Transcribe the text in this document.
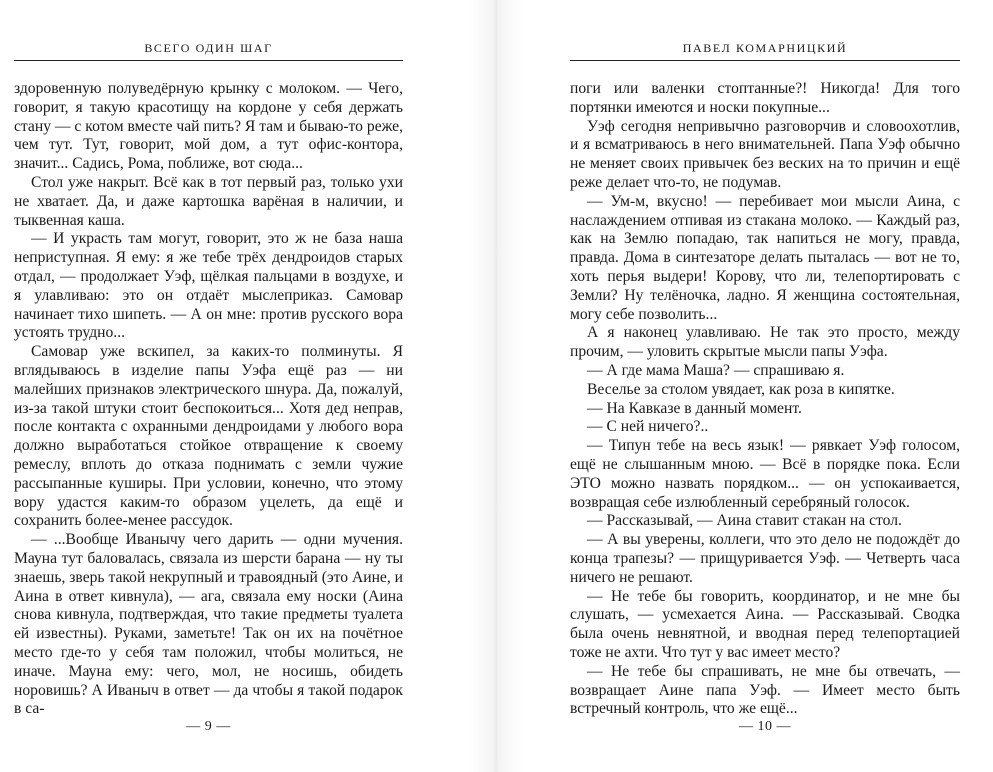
ВСЕГО ОДИН ШАГ

здоровенную полуведёрную крынку с молоком. — Чего, говорит, я такую красотищу на кордоне у себя держать стану — с котом вместе чай пить? Я там и бываю-то реже, чем тут. Тут, говорит, мой дом, а тут офис-контора, значит... Садись, Рома, поближе, вот сюда...

Стол уже накрыт. Всё как в тот первый раз, только ухи не хватает. Да, и даже картошка варёная в наличии, и тыквенная каша.

— И украсть там могут, говорит, это ж не база наша неприступная. Я ему: я же тебе трёх дендроидов старых отдал, — продолжает Уэф, щёлкая пальцами в воздухе, и я улавливаю: это он отдаёт мыслеприказ. Самовар начинает тихо шипеть. — А он мне: против русского вора устоять трудно...

Самовар уже вскипел, за каких-то полминуты. Я вглядываюсь в изделие папы Уэфа ещё раз — ни малейших признаков электрического шнура. Да, пожалуй, из-за такой штуки стоит беспокоиться... Хотя дед неправ, после контакта с охранными дендроидами у любого вора должно выработаться стойкое отвращение к своему ремеслу, вплоть до отказа поднимать с земли чужие рассыпанные куширы. При условии, конечно, что этому вору удастся каким-то образом уцелеть, да ещё и сохранить более-менее рассудок.

— ...Вообще Иванычу чего дарить — одни мучения. Мауна тут баловалась, связала из шерсти барана — ну ты знаешь, зверь такой некрупный и травоядный (это Аине, и Аина в ответ кивнула), — ага, связала ему носки (Аина снова кивнула, подтверждая, что такие предметы туалета ей известны). Руками, заметьте! Так он их на почётное место где-то у себя там положил, чтобы молиться, не иначе. Мауна ему: чего, мол, не носишь, обидеть норовишь? А Иваныч в ответ — да чтобы я такой подарок в са-

— 9 —
ПАВЕЛ КОМАРНИЦКИЙ

поги или валенки стоптанные?! Никогда! Для того портянки имеются и носки покупные...

Уэф сегодня непривычно разговорчив и словоохотлив, и я всматриваюсь в него внимательней. Папа Уэф обычно не меняет своих привычек без веских на то причин и ещё реже делает что-то, не подумав.

— Ум-м, вкусно! — перебивает мои мысли Аина, с наслаждением отпивая из стакана молоко. — Каждый раз, как на Землю попадаю, так напиться не могу, правда, правда. Дома в синтезаторе делать пыталась — вот не то, хоть перья выдери! Корову, что ли, телепортировать с Земли? Ну телёночка, ладно. Я женщина состоятельная, могу себе позволить...

А я наконец улавливаю. Не так это просто, между прочим, — уловить скрытые мысли папы Уэфа.

— А где мама Маша? — спрашиваю я.

Веселье за столом увядает, как роза в кипятке.

— На Кавказе в данный момент.

— С ней ничего?..

— Типун тебе на весь язык! — рявкает Уэф голосом, ещё не слышанным мною. — Всё в порядке пока. Если ЭТО можно назвать порядком... — он успокаивается, возвращая себе излюбленный серебряный голосок.

— Рассказывай, — Аина ставит стакан на стол.

— А вы уверены, коллеги, что это дело не подождёт до конца трапезы? — прищуривается Уэф. — Четверть часа ничего не решают.

— Не тебе бы говорить, координатор, и не мне бы слушать, — усмехается Аина. — Рассказывай. Сводка была очень невнятной, и вводная перед телепортацией тоже не ахти. Что тут у вас имеет место?

— Не тебе бы спрашивать, не мне бы отвечать, — возвращает Аине папа Уэф. — Имеет место быть встречный контроль, что же ещё...

— 10 —
